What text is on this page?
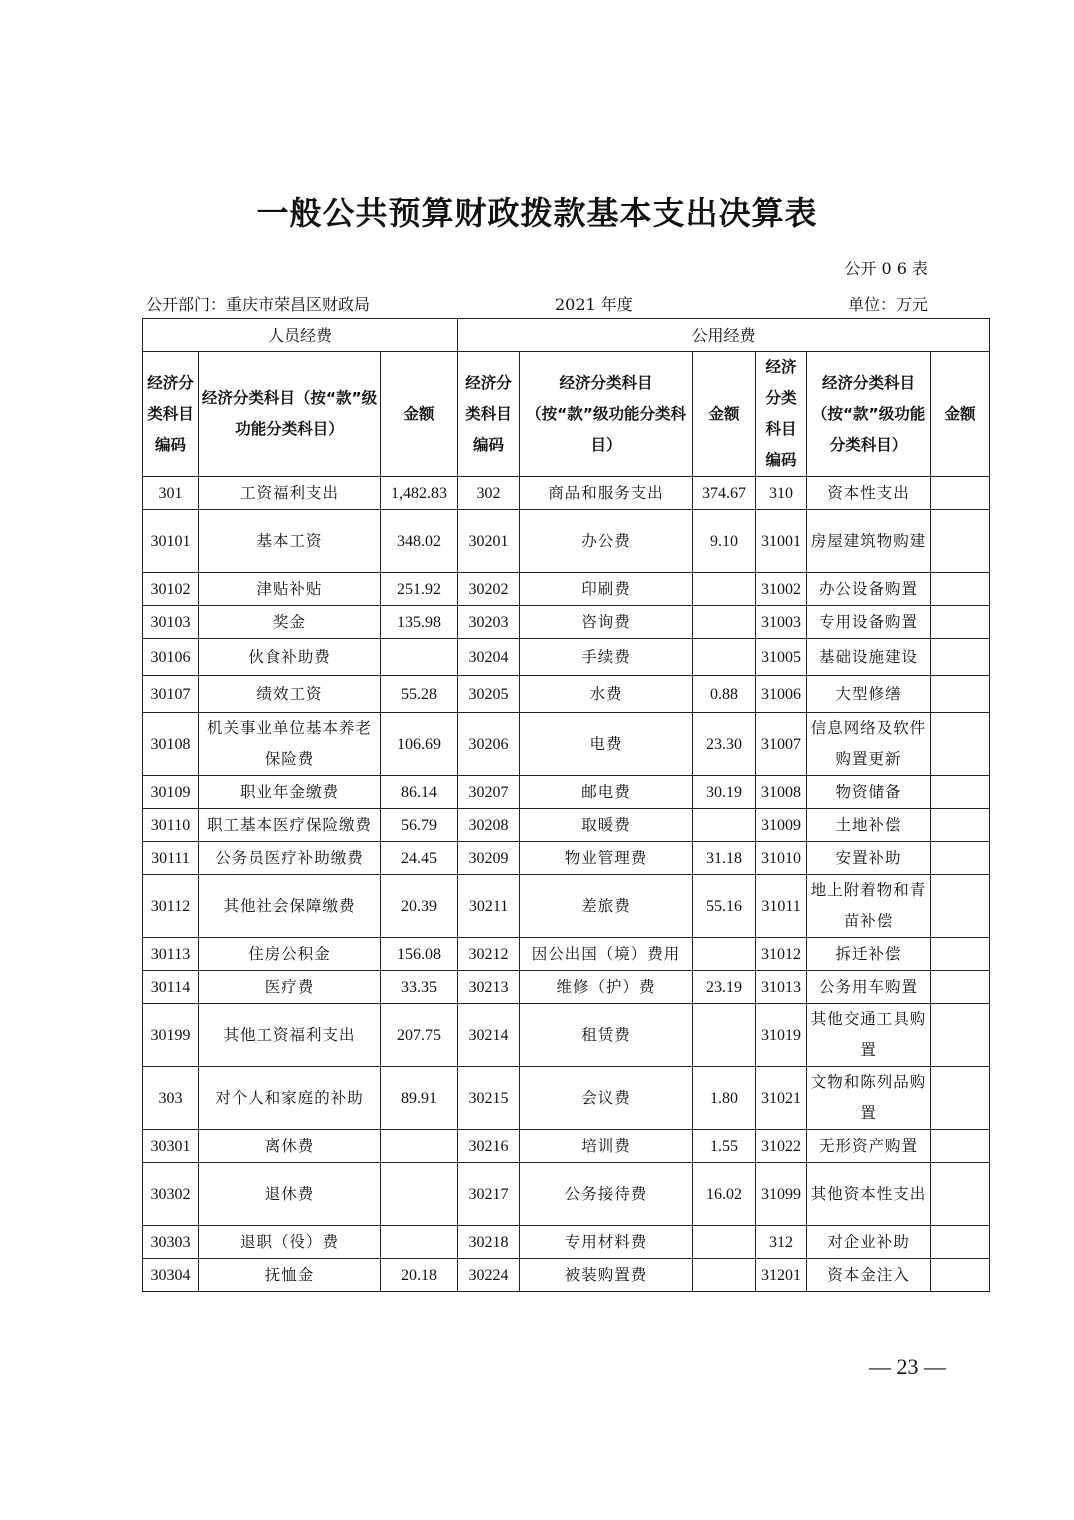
一般公共预算财政拨款基本支出决算表
公开 0 6 表
公开部门：重庆市荣昌区财政局	2021 年度	单位：万元
人员经费			公用经费					
经济分类科目编码	经济分类科目（按“款”级功能分类科目）	金额	经济分类科目编码	经济分类科目（按“款”级功能分类科目）	金额	经济分类科目编码	经济分类科目（按“款”级功能分类科目）	金额
301	工资福利支出	1,482.83	302	商品和服务支出	374.67	310	资本性支出	
30101	基本工资	348.02	30201	办公费	9.10	31001	房屋建筑物购建	
30102	津贴补贴	251.92	30202	印刷费		31002	办公设备购置	
30103	奖金	135.98	30203	咨询费		31003	专用设备购置	
30106	伙食补助费		30204	手续费		31005	基础设施建设	
30107	绩效工资	55.28	30205	水费	0.88	31006	大型修缮	
30108	机关事业单位基本养老保险费	106.69	30206	电费	23.30	31007	信息网络及软件购置更新	
30109	职业年金缴费	86.14	30207	邮电费	30.19	31008	物资储备	
30110	职工基本医疗保险缴费	56.79	30208	取暖费		31009	土地补偿	
30111	公务员医疗补助缴费	24.45	30209	物业管理费	31.18	31010	安置补助	
30112	其他社会保障缴费	20.39	30211	差旅费	55.16	31011	地上附着物和青苗补偿	
30113	住房公积金	156.08	30212	因公出国（境）费用		31012	拆迁补偿	
30114	医疗费	33.35	30213	维修（护）费	23.19	31013	公务用车购置	
30199	其他工资福利支出	207.75	30214	租赁费		31019	其他交通工具购置	
303	对个人和家庭的补助	89.91	30215	会议费	1.80	31021	文物和陈列品购置	
30301	离休费		30216	培训费	1.55	31022	无形资产购置	
30302	退休费		30217	公务接待费	16.02	31099	其他资本性支出	
30303	退职（役）费		30218	专用材料费		312	对企业补助	
30304	抚恤金	20.18	30224	被装购置费		31201	资本金注入	
— 23 —
